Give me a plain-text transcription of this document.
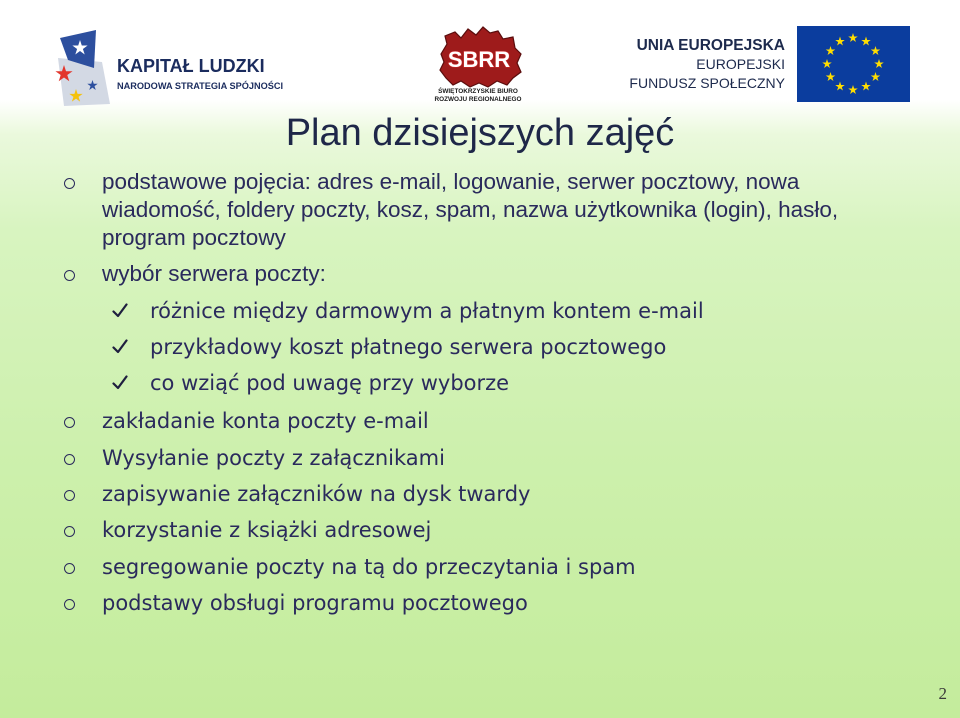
KAPITAŁ LUDZKI
NARODOWA STRATEGIA SPÓJNOŚCI
SBRR
ŚWIĘTOKRZYSKIE BIURO
ROZWOJU REGIONALNEGO
UNIA EUROPEJSKA
EUROPEJSKI
FUNDUSZ SPOŁECZNY
Plan dzisiejszych zajęć
podstawowe pojęcia: adres e-mail, logowanie, serwer pocztowy, nowa wiadomość, foldery poczty, kosz, spam, nazwa użytkownika (login), hasło, program pocztowy
wybór serwera poczty:
różnice między darmowym a płatnym kontem e-mail
przykładowy koszt płatnego serwera pocztowego
co wziąć pod uwagę przy wyborze
zakładanie konta poczty e-mail
Wysyłanie poczty z załącznikami
zapisywanie załączników na dysk twardy
korzystanie z książki adresowej
segregowanie poczty na tą do przeczytania i spam
podstawy obsługi programu pocztowego
2
